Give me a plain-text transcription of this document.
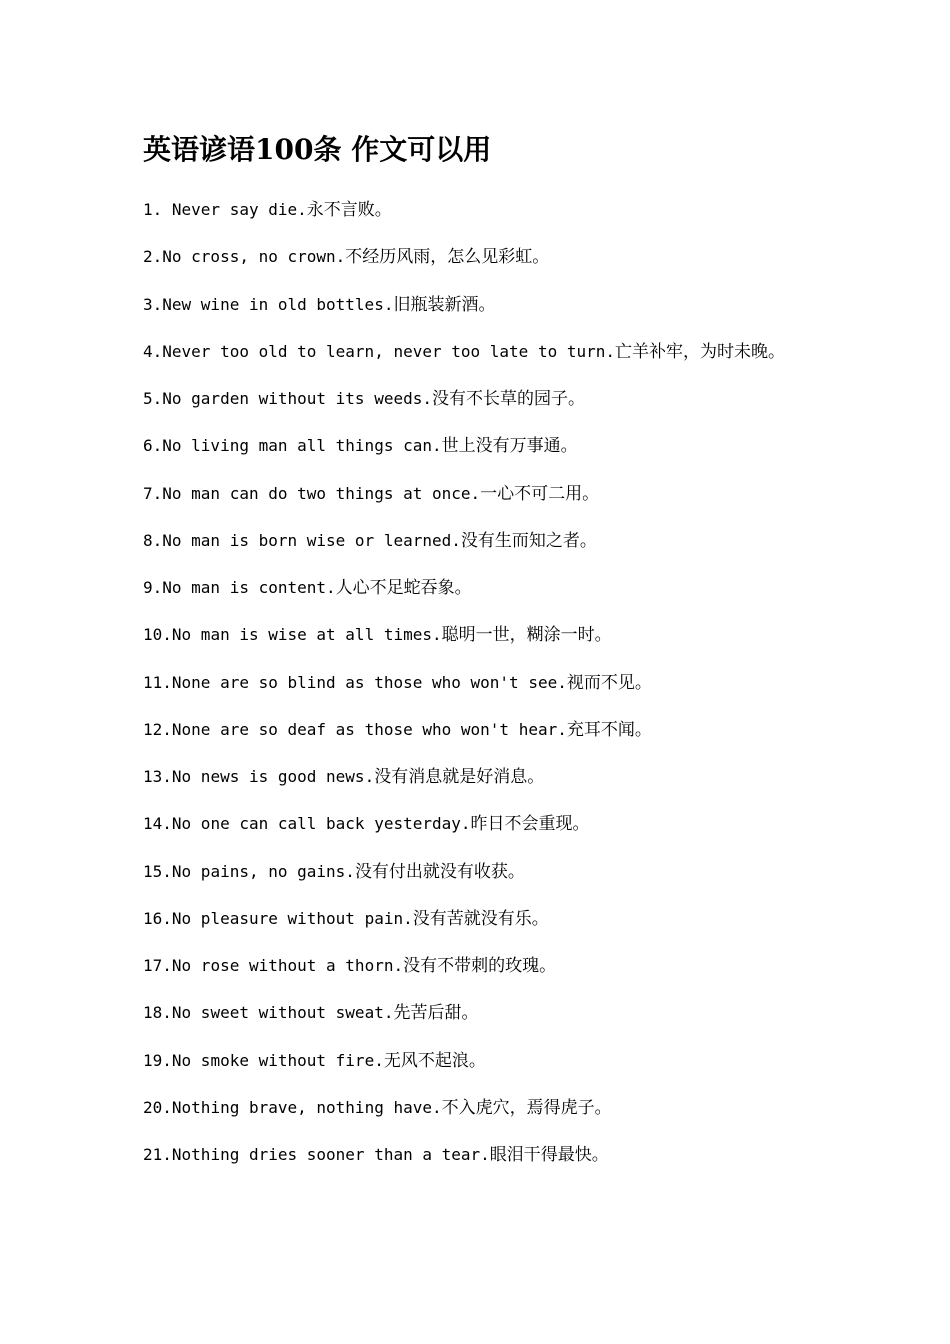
英语谚语100条 作文可以用
1. Never say die.永不言败。
2.No cross, no crown.不经历风雨，怎么见彩虹。
3.New wine in old bottles.旧瓶装新酒。
4.Never too old to learn, never too late to turn.亡羊补牢，为时未晚。
5.No garden without its weeds.没有不长草的园子。
6.No living man all things can.世上没有万事通。
7.No man can do two things at once.一心不可二用。
8.No man is born wise or learned.没有生而知之者。
9.No man is content.人心不足蛇吞象。
10.No man is wise at all times.聪明一世，糊涂一时。
11.None are so blind as those who won't see.视而不见。
12.None are so deaf as those who won't hear.充耳不闻。
13.No news is good news.没有消息就是好消息。
14.No one can call back yesterday.昨日不会重现。
15.No pains, no gains.没有付出就没有收获。
16.No pleasure without pain.没有苦就没有乐。
17.No rose without a thorn.没有不带刺的玫瑰。
18.No sweet without sweat.先苦后甜。
19.No smoke without fire.无风不起浪。
20.Nothing brave, nothing have.不入虎穴，焉得虎子。
21.Nothing dries sooner than a tear.眼泪干得最快。
